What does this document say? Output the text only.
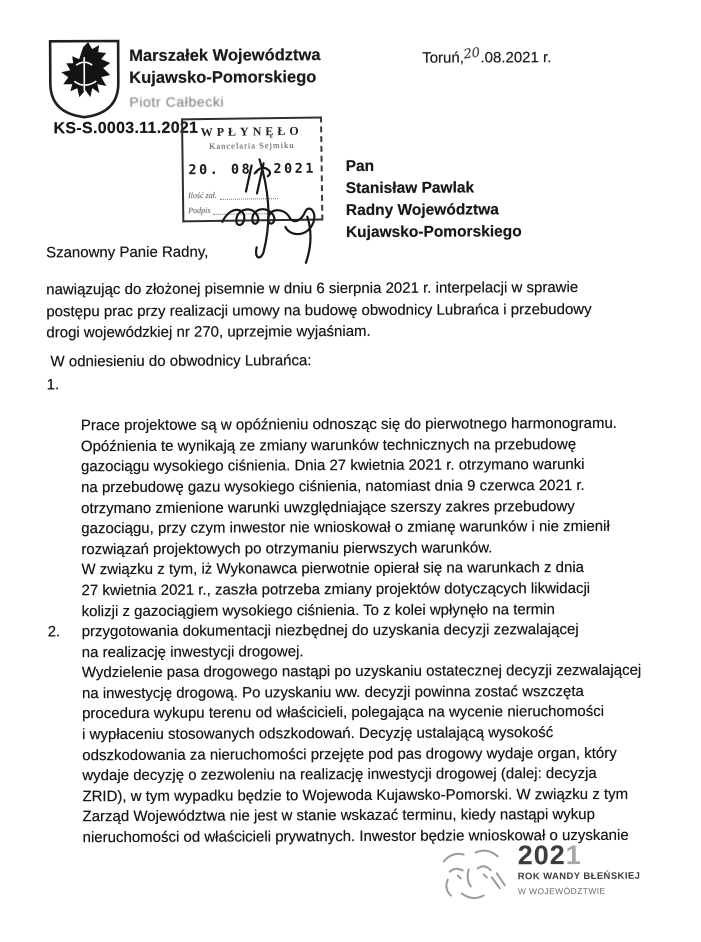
Marszałek Województwa
Kujawsko-Pomorskiego
Piotr Całbecki
Toruń,20.08.2021 r.
KS-S.0003.11.2021 WPŁYNĘŁO
Kancelaria Sejmiku
20. 08. 2021
Ilość zał.
Podpis
Pan
Stanisław Pawlak
Radny Województwa
Kujawsko-Pomorskiego
Szanowny Panie Radny,
nawiązując do złożonej pisemnie w dniu 6 sierpnia 2021 r. interpelacji w sprawie
postępu prac przy realizacji umowy na budowę obwodnicy Lubrańca i przebudowy
drogi wojewódzkiej nr 270, uprzejmie wyjaśniam.
W odniesieniu do obwodnicy Lubrańca:

1.

Prace projektowe są w opóźnieniu odnosząc się do pierwotnego harmonogramu.
Opóźnienia te wynikają ze zmiany warunków technicznych na przebudowę
gazociągu wysokiego ciśnienia. Dnia 27 kwietnia 2021 r. otrzymano warunki
na przebudowę gazu wysokiego ciśnienia, natomiast dnia 9 czerwca 2021 r.
otrzymano zmienione warunki uwzględniające szerszy zakres przebudowy
gazociągu, przy czym inwestor nie wnioskował o zmianę warunków i nie zmienił
rozwiązań projektowych po otrzymaniu pierwszych warunków.
W związku z tym, iż Wykonawca pierwotnie opierał się na warunkach z dnia
27 kwietnia 2021 r., zaszła potrzeba zmiany projektów dotyczących likwidacji
kolizji z gazociągiem wysokiego ciśnienia. To z kolei wpłynęło na termin
przygotowania dokumentacji niezbędnej do uzyskania decyzji zezwalającej
na realizację inwestycji drogowej.

2.

Wydzielenie pasa drogowego nastąpi po uzyskaniu ostatecznej decyzji zezwalającej
na inwestycję drogową. Po uzyskaniu ww. decyzji powinna zostać wszczęta
procedura wykupu terenu od właścicieli, polegająca na wycenie nieruchomości
i wypłaceniu stosowanych odszkodowań. Decyzję ustalającą wysokość
odszkodowania za nieruchomości przejęte pod pas drogowy wydaje organ, który
wydaje decyzję o zezwoleniu na realizację inwestycji drogowej (dalej: decyzja
ZRID), w tym wypadku będzie to Wojewoda Kujawsko-Pomorski. W związku z tym
Zarząd Województwa nie jest w stanie wskazać terminu, kiedy nastąpi wykup
nieruchomości od właścicieli prywatnych. Inwestor będzie wnioskował o uzyskanie

2021
ROK WANDY BŁEŃSKIEJ
W WOJEWÓDZTWIE
